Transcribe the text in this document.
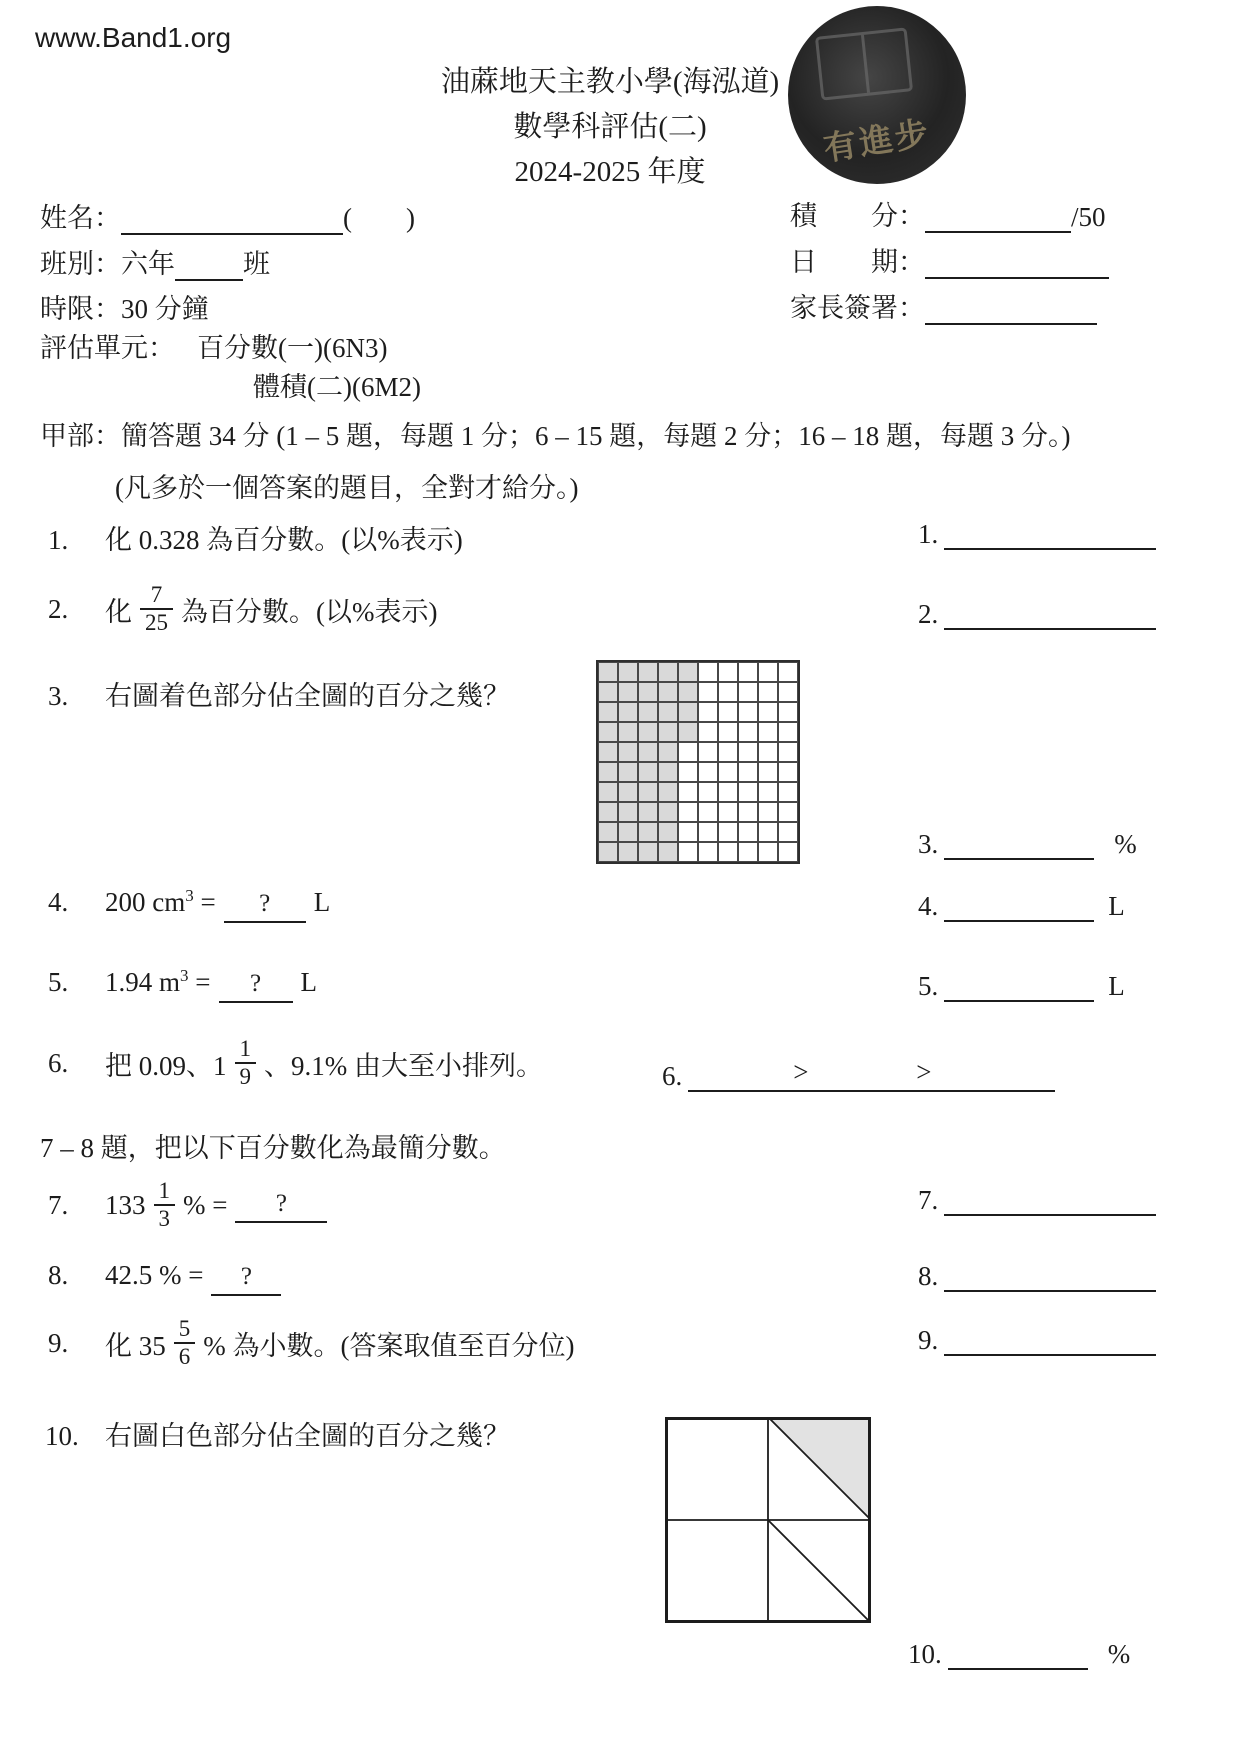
www.Band1.org
油蔴地天主教小學(海泓道)
數學科評估(二)
2024-2025 年度
有進步
姓名：	(　　)
班別：六年	班
時限：30 分鐘
評估單元： 百分數(一)(6N3)
體積(二)(6M2)
積　　分：	/50
日　　期：
家長簽署：
甲部：簡答題 34 分 (1 – 5 題，每題 1 分；6 – 15 題，每題 2 分；16 – 18 題，每題 3 分。)
(凡多於一個答案的題目，全對才給分。)
1.	化 0.328 為百分數。(以%表示)
2.	化 $\frac{7}{25}$ 為百分數。(以%表示)
3.	右圖着色部分佔全圖的百分之幾？
4.	200 $cm^3$ =	?	L
5.	1.94 $m^3$ =	?	L
6.	把 0.09、$1 \frac{1}{9}$ 、9.1% 由大至小排列。
7 – 8 題，把以下百分數化為最簡分數。
7.	$133 \frac{1}{3}$ % =	?
8.	42.5 % =	?
9.	化 $35 \frac{5}{6}$ % 為小數。(答案取值至百分位)
10. 右圖白色部分佔全圖的百分之幾？
1.
2.
3.	%
4.	L
5.	L
6.	>	>
7.
8.
9.
10.	%
